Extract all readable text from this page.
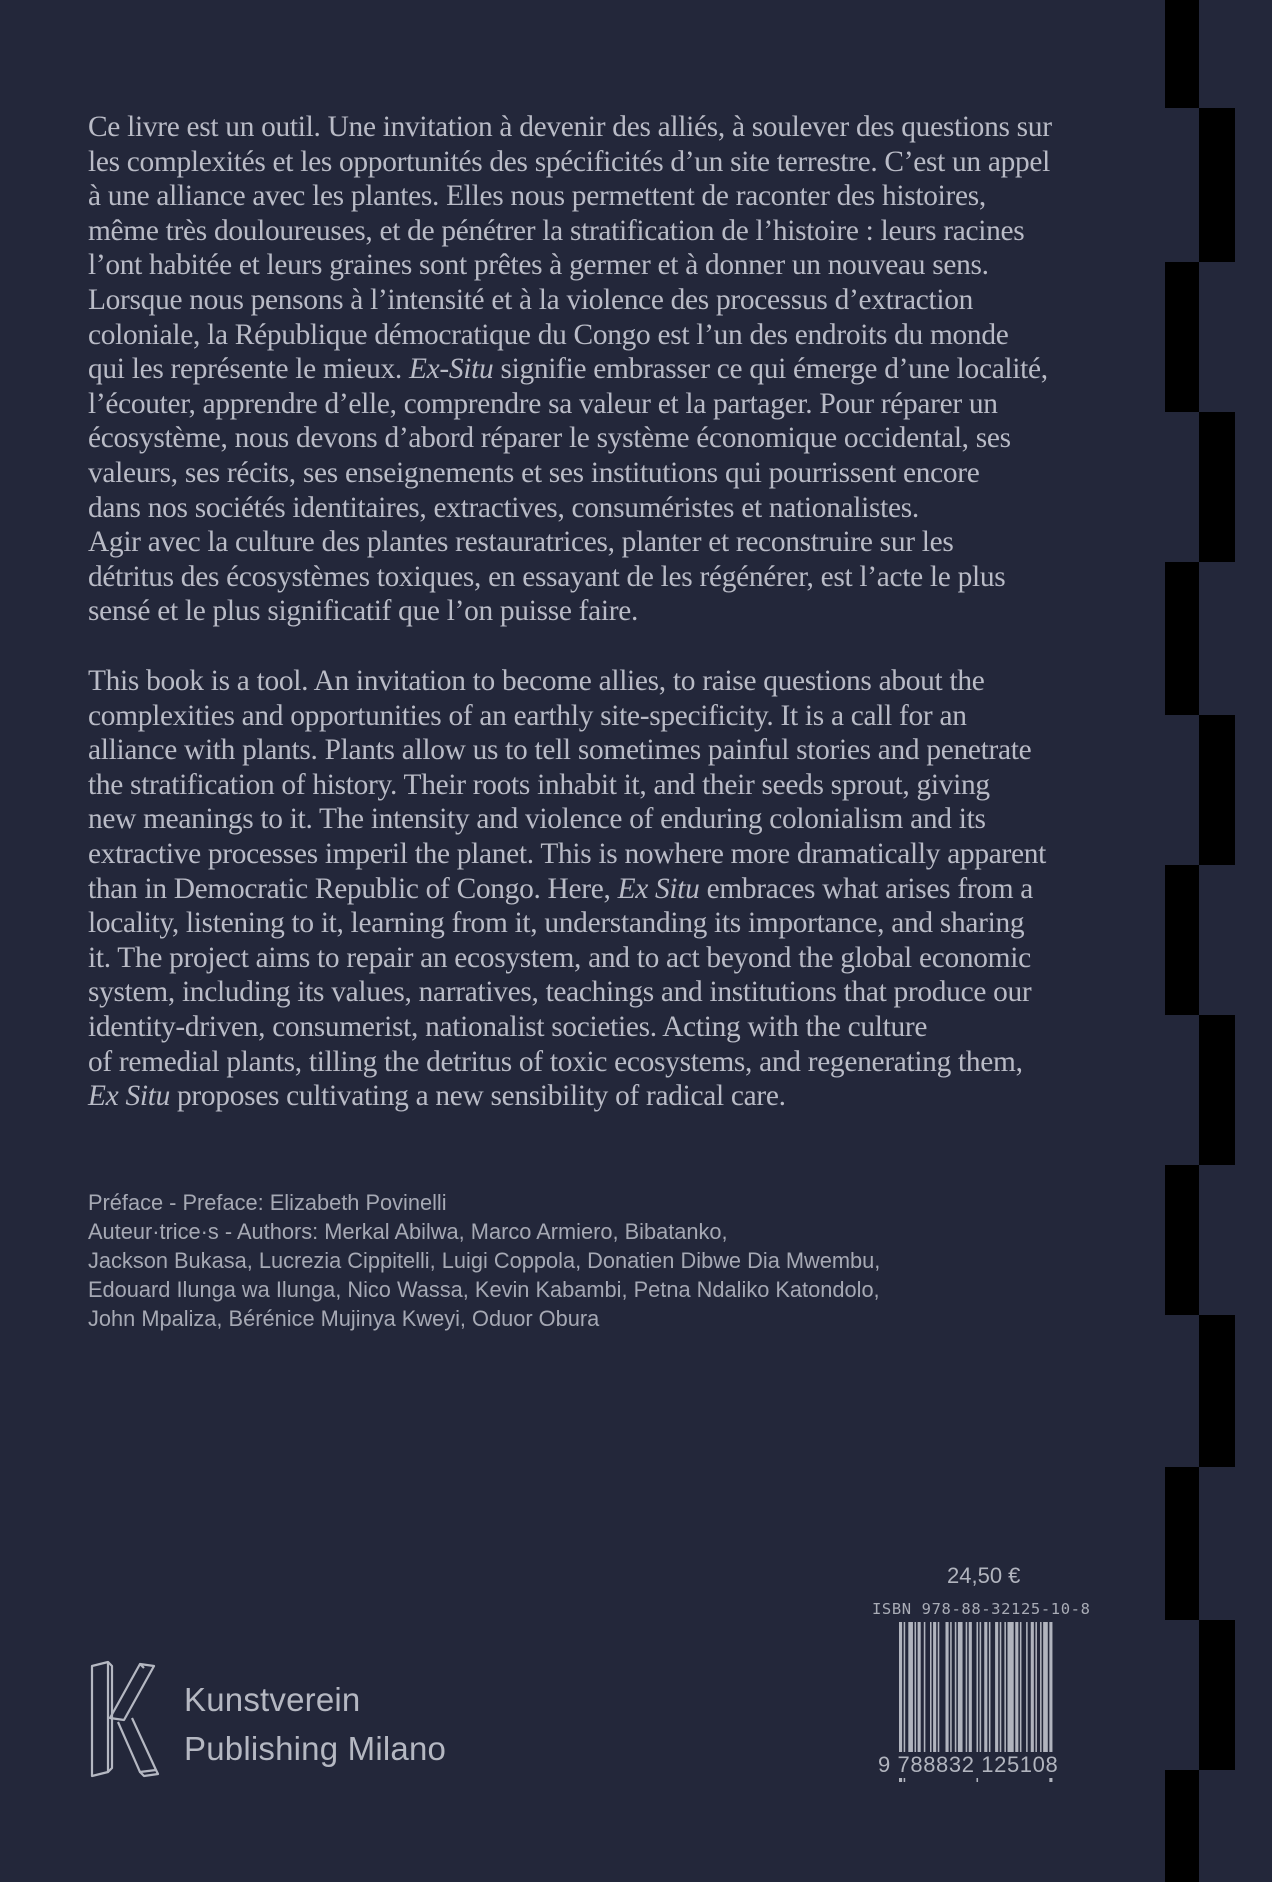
Ce livre est un outil. Une invitation à devenir des alliés, à soulever des questions sur

les complexités et les opportunités des spécificités d’un site terrestre. C’est un appel

à une alliance avec les plantes. Elles nous permettent de raconter des histoires,

même très douloureuses, et de pénétrer la stratification de l’histoire : leurs racines

l’ont habitée et leurs graines sont prêtes à germer et à donner un nouveau sens.

Lorsque nous pensons à l’intensité et à la violence des processus d’extraction

coloniale, la République démocratique du Congo est l’un des endroits du monde

qui les représente le mieux. Ex-Situ signifie embrasser ce qui émerge d’une localité,

l’écouter, apprendre d’elle, comprendre sa valeur et la partager. Pour réparer un

écosystème, nous devons d’abord réparer le système économique occidental, ses

valeurs, ses récits, ses enseignements et ses institutions qui pourrissent encore

dans nos sociétés identitaires, extractives, consuméristes et nationalistes.

Agir avec la culture des plantes restauratrices, planter et reconstruire sur les

détritus des écosystèmes toxiques, en essayant de les régénérer, est l’acte le plus

sensé et le plus significatif que l’on puisse faire.

This book is a tool. An invitation to become allies, to raise questions about the

complexities and opportunities of an earthly site-specificity. It is a call for an

alliance with plants. Plants allow us to tell sometimes painful stories and penetrate

the stratification of history. Their roots inhabit it, and their seeds sprout, giving

new meanings to it. The intensity and violence of enduring colonialism and its

extractive processes imperil the planet. This is nowhere more dramatically apparent

than in Democratic Republic of Congo. Here, Ex Situ embraces what arises from a

locality, listening to it, learning from it, understanding its importance, and sharing

it. The project aims to repair an ecosystem, and to act beyond the global economic

system, including its values, narratives, teachings and institutions that produce our

identity-driven, consumerist, nationalist societies. Acting with the culture

of remedial plants, tilling the detritus of toxic ecosystems, and regenerating them,

Ex Situ proposes cultivating a new sensibility of radical care.

Préface - Preface: Elizabeth Povinelli
Auteur·trice·s - Authors: Merkal Abilwa, Marco Armiero, Bibatanko,
Jackson Bukasa, Lucrezia Cippitelli, Luigi Coppola, Donatien Dibwe Dia Mwembu,
Edouard Ilunga wa Ilunga, Nico Wassa, Kevin Kabambi, Petna Ndaliko Katondolo,
John Mpaliza, Bérénice Mujinya Kweyi, Oduor Obura
Kunstverein
Publishing Milano
24,50 €
ISBN 978-88-32125-10-8
9 788832 125108
